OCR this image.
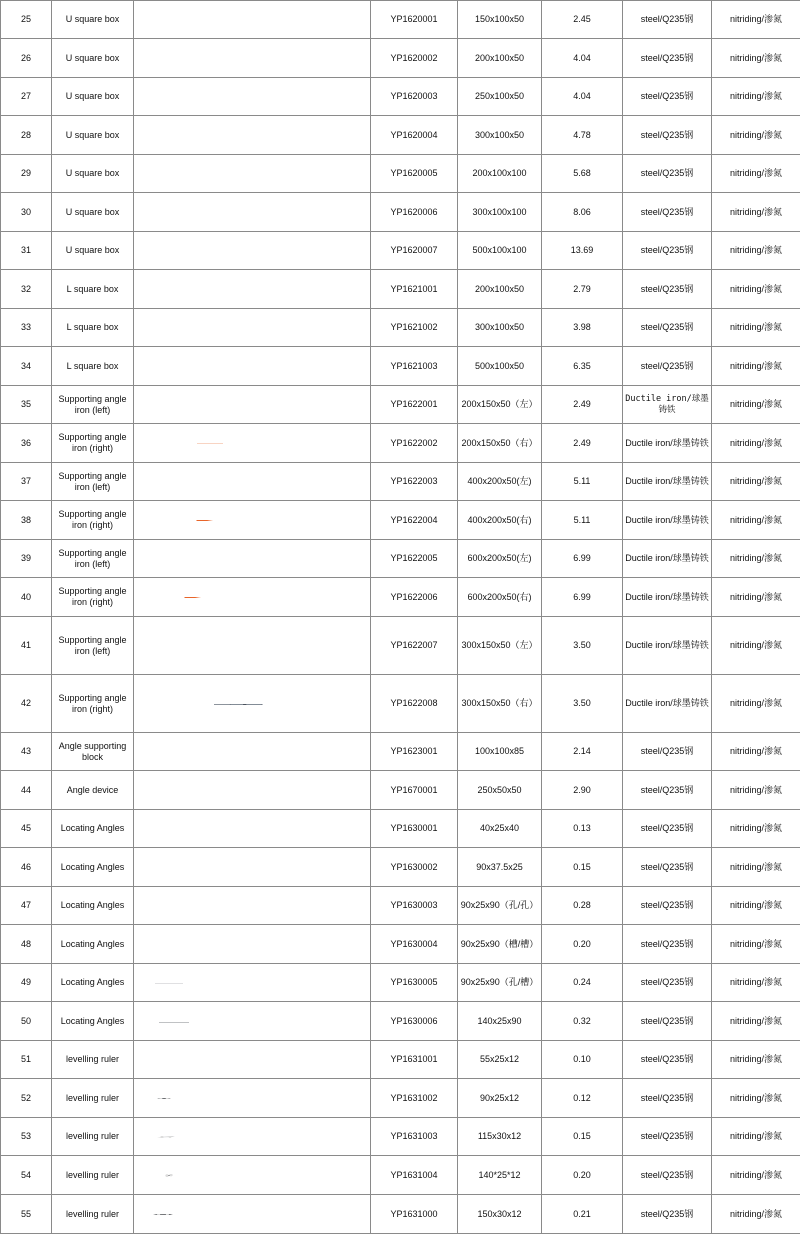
25	U square box		YP1620001	150x100x50	2.45	steel/Q235钢	nitriding/渗氮
26	U square box		YP1620002	200x100x50	4.04	steel/Q235钢	nitriding/渗氮
27	U square box		YP1620003	250x100x50	4.04	steel/Q235钢	nitriding/渗氮
28	U square box		YP1620004	300x100x50	4.78	steel/Q235钢	nitriding/渗氮
29	U square box		YP1620005	200x100x100	5.68	steel/Q235钢	nitriding/渗氮
30	U square box		YP1620006	300x100x100	8.06	steel/Q235钢	nitriding/渗氮
31	U square box		YP1620007	500x100x100	13.69	steel/Q235钢	nitriding/渗氮
32	L square box		YP1621001	200x100x50	2.79	steel/Q235钢	nitriding/渗氮
33	L square box		YP1621002	300x100x50	3.98	steel/Q235钢	nitriding/渗氮
34	L square box		YP1621003	500x100x50	6.35	steel/Q235钢	nitriding/渗氮
35	Supporting angle iron (left)		YP1622001	200x150x50（左）	2.49	Ductile iron/球墨铸铁	nitriding/渗氮
36	Supporting angle iron (right)		YP1622002	200x150x50（右）	2.49	Ductile iron/球墨铸铁	nitriding/渗氮
37	Supporting angle iron (left)		YP1622003	400x200x50(左)	5.11	Ductile iron/球墨铸铁	nitriding/渗氮
38	Supporting angle iron (right)		YP1622004	400x200x50(右)	5.11	Ductile iron/球墨铸铁	nitriding/渗氮
39	Supporting angle iron (left)		YP1622005	600x200x50(左)	6.99	Ductile iron/球墨铸铁	nitriding/渗氮
40	Supporting angle iron (right)		YP1622006	600x200x50(右)	6.99	Ductile iron/球墨铸铁	nitriding/渗氮
41	Supporting angle iron (left)		YP1622007	300x150x50（左）	3.50	Ductile iron/球墨铸铁	nitriding/渗氮
42	Supporting angle iron (right)		YP1622008	300x150x50（右）	3.50	Ductile iron/球墨铸铁	nitriding/渗氮
43	Angle supporting block		YP1623001	100x100x85	2.14	steel/Q235钢	nitriding/渗氮
44	Angle device		YP1670001	250x50x50	2.90	steel/Q235钢	nitriding/渗氮
45	Locating Angles		YP1630001	40x25x40	0.13	steel/Q235钢	nitriding/渗氮
46	Locating Angles		YP1630002	90x37.5x25	0.15	steel/Q235钢	nitriding/渗氮
47	Locating Angles		YP1630003	90x25x90（孔/孔）	0.28	steel/Q235钢	nitriding/渗氮
48	Locating Angles		YP1630004	90x25x90（槽/槽）	0.20	steel/Q235钢	nitriding/渗氮
49	Locating Angles		YP1630005	90x25x90（孔/槽）	0.24	steel/Q235钢	nitriding/渗氮
50	Locating Angles		YP1630006	140x25x90	0.32	steel/Q235钢	nitriding/渗氮
51	levelling ruler		YP1631001	55x25x12	0.10	steel/Q235钢	nitriding/渗氮
52	levelling ruler		YP1631002	90x25x12	0.12	steel/Q235钢	nitriding/渗氮
53	levelling ruler		YP1631003	115x30x12	0.15	steel/Q235钢	nitriding/渗氮
54	levelling ruler		YP1631004	140*25*12	0.20	steel/Q235钢	nitriding/渗氮
55	levelling ruler		YP1631000	150x30x12	0.21	steel/Q235钢	nitriding/渗氮
